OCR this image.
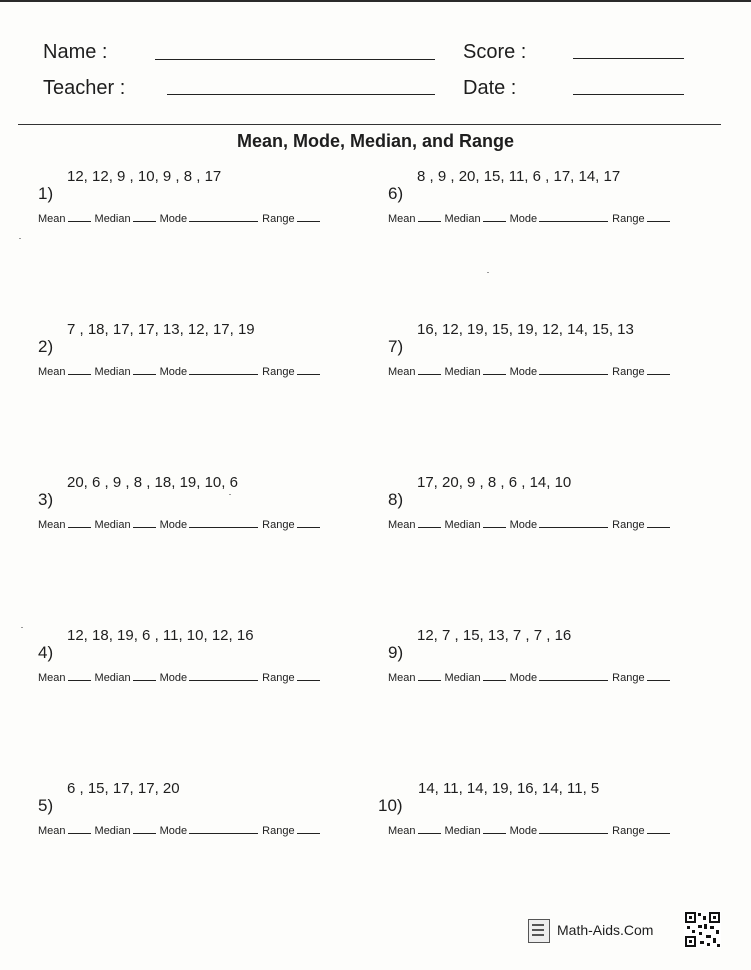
Name :
Teacher :
Score :
Date :
Mean, Mode, Median, and Range
1)
12, 12, 9 , 10, 9 , 8 , 17
Mean	Median	Mode	Range
2)
7 , 18, 17, 17, 13, 12, 17, 19
Mean	Median	Mode	Range
3)
20, 6 , 9 , 8 , 18, 19, 10, 6
Mean	Median	Mode	Range
4)
12, 18, 19, 6 , 11, 10, 12, 16
Mean	Median	Mode	Range
5)
6 , 15, 17, 17, 20
Mean	Median	Mode	Range
6)
8 , 9 , 20, 15, 11, 6 , 17, 14, 17
Mean	Median	Mode	Range
7)
16, 12, 19, 15, 19, 12, 14, 15, 13
Mean	Median	Mode	Range
8)
17, 20, 9 , 8 , 6 , 14, 10
Mean	Median	Mode	Range
9)
12, 7 , 15, 13, 7 , 7 , 16
Mean	Median	Mode	Range
10)
14, 11, 14, 19, 16, 14, 11, 5
Mean	Median	Mode	Range
Math-Aids.Com
